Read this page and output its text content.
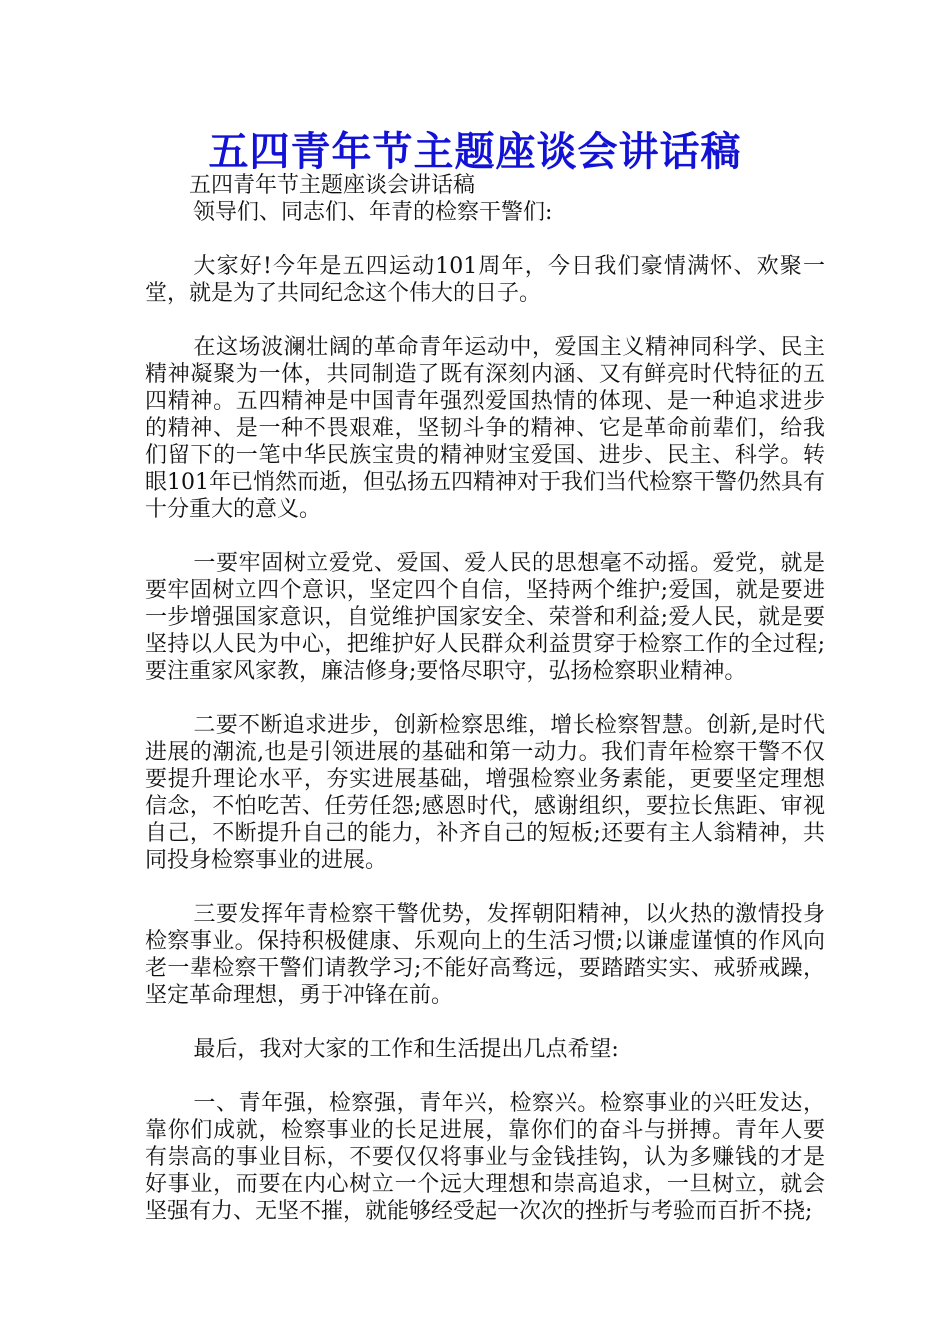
五四青年节主题座谈会讲话稿

五四青年节主题座谈会讲话稿

领导们、同志们、年青的检察干警们:

大家好!今年是五四运动101周年，今日我们豪情满怀、欢聚一堂，就是为了共同纪念这个伟大的日子。

在这场波澜壮阔的革命青年运动中，爱国主义精神同科学、民主精神凝聚为一体，共同制造了既有深刻内涵、又有鲜亮时代特征的五四精神。五四精神是中国青年强烈爱国热情的体现、是一种追求进步的精神、是一种不畏艰难，坚韧斗争的精神、它是革命前辈们，给我们留下的一笔中华民族宝贵的精神财宝爱国、进步、民主、科学。转眼101年已悄然而逝，但弘扬五四精神对于我们当代检察干警仍然具有十分重大的意义。

一要牢固树立爱党、爱国、爱人民的思想毫不动摇。爱党，就是要牢固树立四个意识，坚定四个自信，坚持两个维护;爱国，就是要进一步增强国家意识，自觉维护国家安全、荣誉和利益;爱人民，就是要坚持以人民为中心，把维护好人民群众利益贯穿于检察工作的全过程;要注重家风家教，廉洁修身;要恪尽职守，弘扬检察职业精神。

二要不断追求进步，创新检察思维，增长检察智慧。创新,是时代进展的潮流,也是引领进展的基础和第一动力。我们青年检察干警不仅要提升理论水平，夯实进展基础，增强检察业务素能，更要坚定理想信念，不怕吃苦、任劳任怨;感恩时代，感谢组织，要拉长焦距、审视自己，不断提升自己的能力，补齐自己的短板;还要有主人翁精神，共同投身检察事业的进展。

三要发挥年青检察干警优势，发挥朝阳精神，以火热的激情投身检察事业。保持积极健康、乐观向上的生活习惯;以谦虚谨慎的作风向老一辈检察干警们请教学习;不能好高骛远，要踏踏实实、戒骄戒躁，坚定革命理想，勇于冲锋在前。

最后，我对大家的工作和生活提出几点希望:

一、青年强，检察强，青年兴，检察兴。检察事业的兴旺发达，靠你们成就，检察事业的长足进展，靠你们的奋斗与拼搏。青年人要有崇高的事业目标，不要仅仅将事业与金钱挂钩，认为多赚钱的才是好事业，而要在内心树立一个远大理想和崇高追求，一旦树立，就会坚强有力、无坚不摧，就能够经受起一次次的挫折与考验而百折不挠;
